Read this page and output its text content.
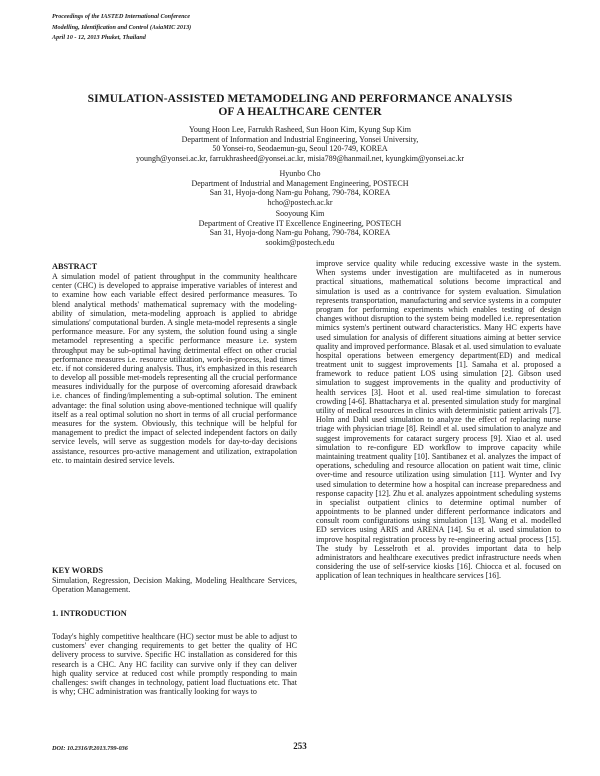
Proceedings of the IASTED International Conference
Modelling, Identification and Control (AsiaMIC 2013)
April 10 - 12, 2013 Phuket, Thailand
SIMULATION-ASSISTED METAMODELING AND PERFORMANCE ANALYSIS
OF A HEALTHCARE CENTER
Young Hoon Lee, Farrukh Rasheed, Sun Hoon Kim, Kyung Sup Kim
Department of Information and Industrial Engineering, Yonsei University,
50 Yonsei-ro, Seodaemun-gu, Seoul 120-749, KOREA
youngh@yonsei.ac.kr, farrukhrasheed@yonsei.ac.kr, misia789@hanmail.net, kyungkim@yonsei.ac.kr
Hyunbo Cho
Department of Industrial and Management Engineering, POSTECH
San 31, Hyoja-dong Nam-gu Pohang, 790-784, KOREA
hcho@postech.ac.kr
Sooyoung Kim
Department of Creative IT Excellence Engineering, POSTECH
San 31, Hyoja-dong Nam-gu Pohang, 790-784, KOREA
sookim@postech.edu

ABSTRACT

A simulation model of patient throughput in the community healthcare center (CHC) is developed to appraise imperative variables of interest and to examine how each variable effect desired performance measures. To blend analytical methods' mathematical supremacy with the modeling-ability of simulation, meta-modeling approach is applied to abridge simulations' computational burden. A single meta-model represents a single performance measure. For any system, the solution found using a single metamodel representing a specific performance measure i.e. system throughput may be sub-optimal having detrimental effect on other crucial performance measures i.e. resource utilization, work-in-process, lead times etc. if not considered during analysis. Thus, it's emphasized in this research to develop all possible met-models representing all the crucial performance measures individually for the purpose of overcoming aforesaid drawback i.e. chances of finding/implementing a sub-optimal solution. The eminent advantage: the final solution using above-mentioned technique will qualify itself as a real optimal solution no short in terms of all crucial performance measures for the system. Obviously, this technique will be helpful for management to predict the impact of selected independent factors on daily service levels, will serve as suggestion models for day-to-day decisions assistance, resources pro-active management and utilization, extrapolation etc. to maintain desired service levels.

KEY WORDS

Simulation, Regression, Decision Making, Modeling Healthcare Services, Operation Management.

1. INTRODUCTION

Today's highly competitive healthcare (HC) sector must be able to adjust to customers' ever changing requirements to get better the quality of HC delivery process to survive. Specific HC installation as considered for this research is a CHC. Any HC facility can survive only if they can deliver high quality service at reduced cost while promptly responding to main challenges: swift changes in technology, patient load fluctuations etc. That is why; CHC administration was frantically looking for ways to

improve service quality while reducing excessive waste in the system. When systems under investigation are multifaceted as in numerous practical situations, mathematical solutions become impractical and simulation is used as a contrivance for system evaluation. Simulation represents transportation, manufacturing and service systems in a computer program for performing experiments which enables testing of design changes without disruption to the system being modelled i.e. representation mimics system's pertinent outward characteristics. Many HC experts have used simulation for analysis of different situations aiming at better service quality and improved performance. Blasak et al. used simulation to evaluate hospital operations between emergency department(ED) and medical treatment unit to suggest improvements [1]. Samaha et al. proposed a framework to reduce patient LOS using simulation [2]. Gibson used simulation to suggest improvements in the quality and productivity of health services [3]. Hoot et al. used real-time simulation to forecast crowding [4-6]. Bhattacharya et al. presented simulation study for marginal utility of medical resources in clinics with deterministic patient arrivals [7]. Holm and Dahl used simulation to analyze the effect of replacing nurse triage with physician triage [8]. Reindl et al. used simulation to analyze and suggest improvements for cataract surgery process [9]. Xiao et al. used simulation to re-configure ED workflow to improve capacity while maintaining treatment quality [10]. Santibanez et al. analyzes the impact of operations, scheduling and resource allocation on patient wait time, clinic over-time and resource utilization using simulation [11]. Wynter and Ivy used simulation to determine how a hospital can increase preparedness and response capacity [12]. Zhu et al. analyzes appointment scheduling systems in specialist outpatient clinics to determine optimal number of appointments to be planned under different performance indicators and consult room configurations using simulation [13]. Wang et al. modelled ED services using ARIS and ARENA [14]. Su et al. used simulation to improve hospital registration process by re-engineering actual process [15]. The study by Lesselroth et al. provides important data to help administrators and healthcare executives predict infrastructure needs when considering the use of self-service kiosks [16]. Chiocca et al. focused on application of lean techniques in healthcare services [16].

DOI: 10.2316/P.2013.799-036	253
